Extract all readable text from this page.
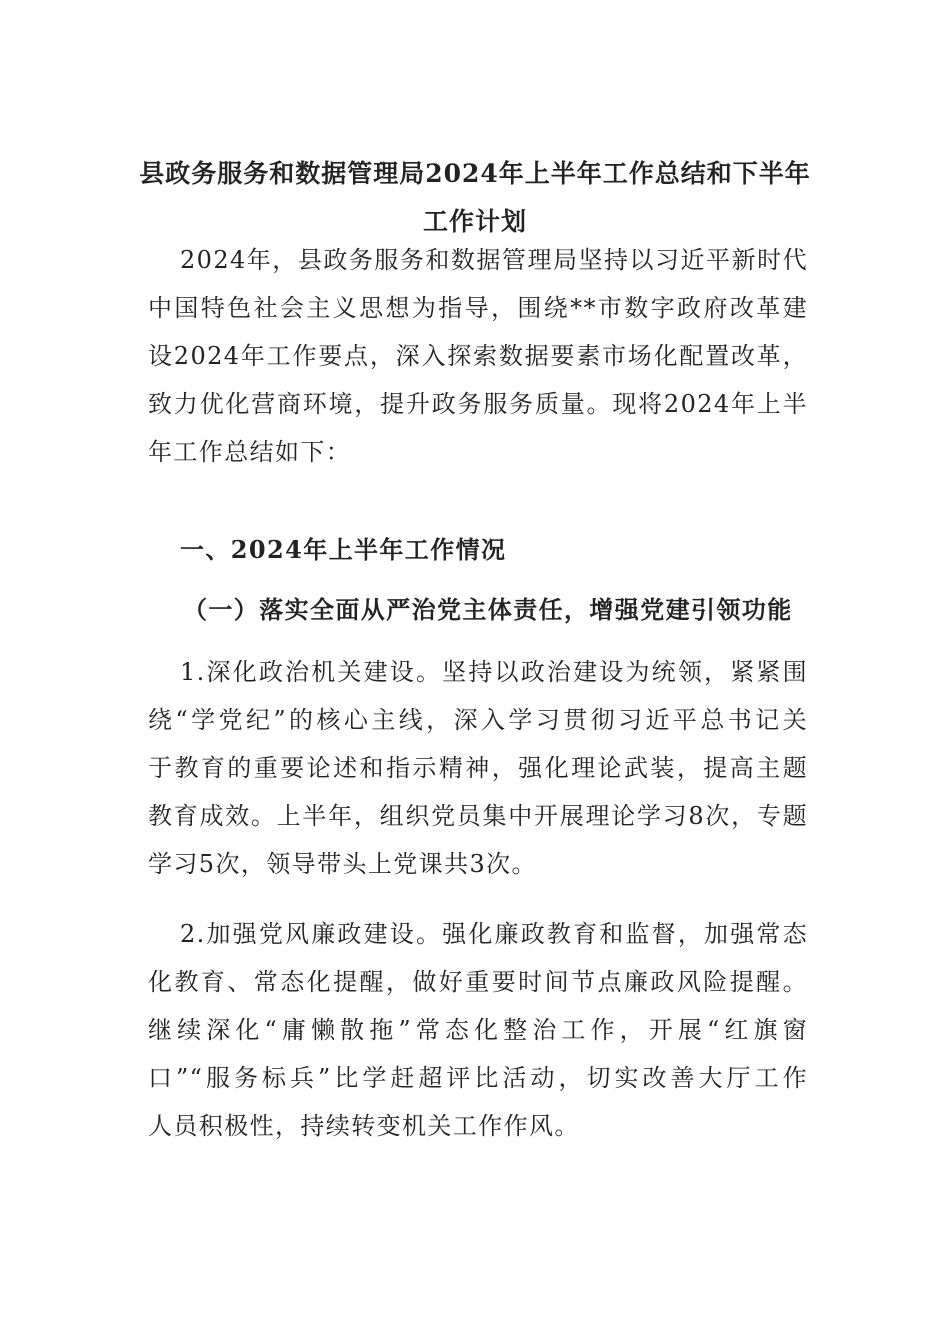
县政务服务和数据管理局2024年上半年工作总结和下半年
工作计划

2024年，县政务服务和数据管理局坚持以习近平新时代
中国特色社会主义思想为指导，围绕**市数字政府改革建
设2024年工作要点，深入探索数据要素市场化配置改革，
致力优化营商环境，提升政务服务质量。现将2024年上半
年工作总结如下：

一、2024年上半年工作情况
（一）落实全面从严治党主体责任，增强党建引领功能

1.深化政治机关建设。坚持以政治建设为统领，紧紧围
绕“学党纪”的核心主线，深入学习贯彻习近平总书记关
于教育的重要论述和指示精神，强化理论武装，提高主题
教育成效。上半年，组织党员集中开展理论学习8次，专题
学习5次，领导带头上党课共3次。

2.加强党风廉政建设。强化廉政教育和监督，加强常态
化教育、常态化提醒，做好重要时间节点廉政风险提醒。
继续深化“庸懒散拖”常态化整治工作，开展“红旗窗
口”“服务标兵”比学赶超评比活动，切实改善大厅工作
人员积极性，持续转变机关工作作风。
